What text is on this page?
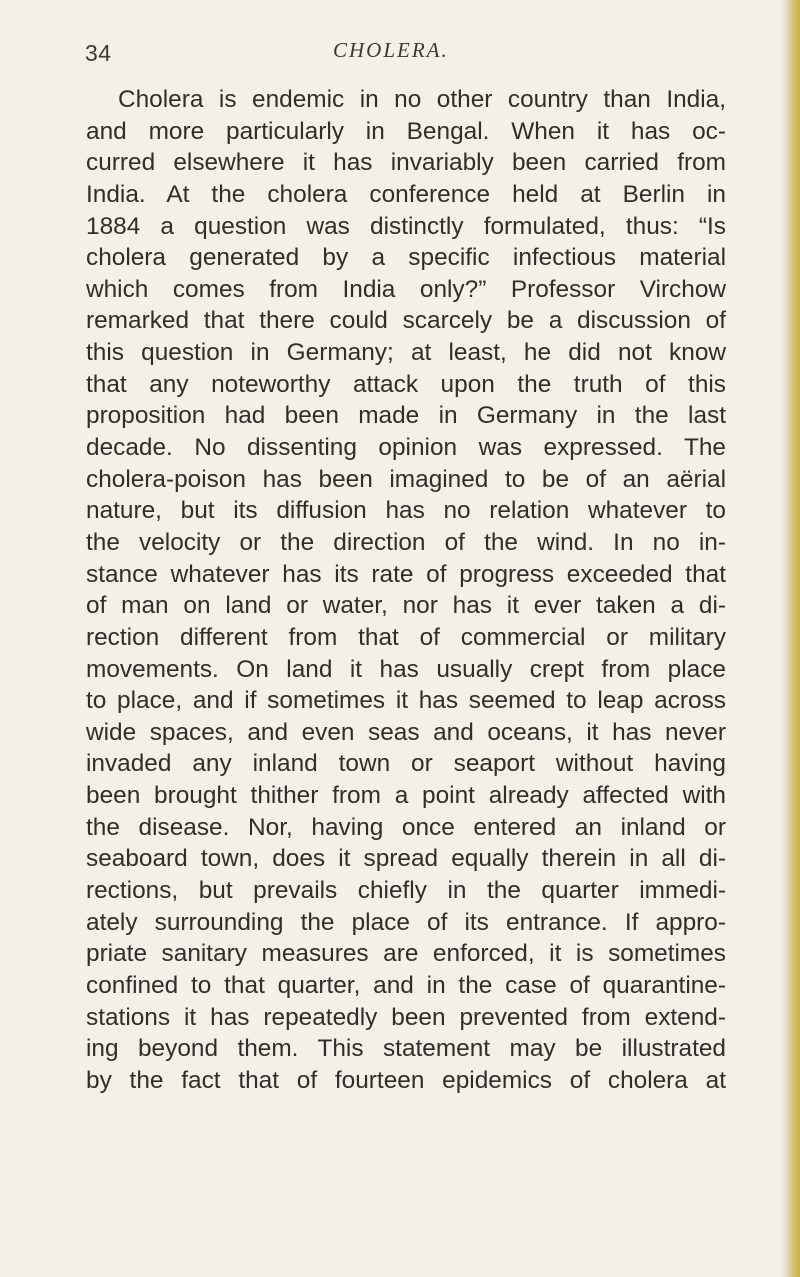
34	CHOLERA.
Cholera is endemic in no other country than India,
and more particularly in Bengal. When it has oc-
curred elsewhere it has invariably been carried from
India. At the cholera conference held at Berlin in
1884 a question was distinctly formulated, thus: “Is
cholera generated by a specific infectious material
which comes from India only?” Professor Virchow
remarked that there could scarcely be a discussion of
this question in Germany; at least, he did not know
that any noteworthy attack upon the truth of this
proposition had been made in Germany in the last
decade. No dissenting opinion was expressed. The
cholera-poison has been imagined to be of an aërial
nature, but its diffusion has no relation whatever to
the velocity or the direction of the wind. In no in-
stance whatever has its rate of progress exceeded that
of man on land or water, nor has it ever taken a di-
rection different from that of commercial or military
movements. On land it has usually crept from place
to place, and if sometimes it has seemed to leap across
wide spaces, and even seas and oceans, it has never
invaded any inland town or seaport without having
been brought thither from a point already affected with
the disease. Nor, having once entered an inland or
seaboard town, does it spread equally therein in all di-
rections, but prevails chiefly in the quarter immedi-
ately surrounding the place of its entrance. If appro-
priate sanitary measures are enforced, it is sometimes
confined to that quarter, and in the case of quarantine-
stations it has repeatedly been prevented from extend-
ing beyond them. This statement may be illustrated
by the fact that of fourteen epidemics of cholera at
